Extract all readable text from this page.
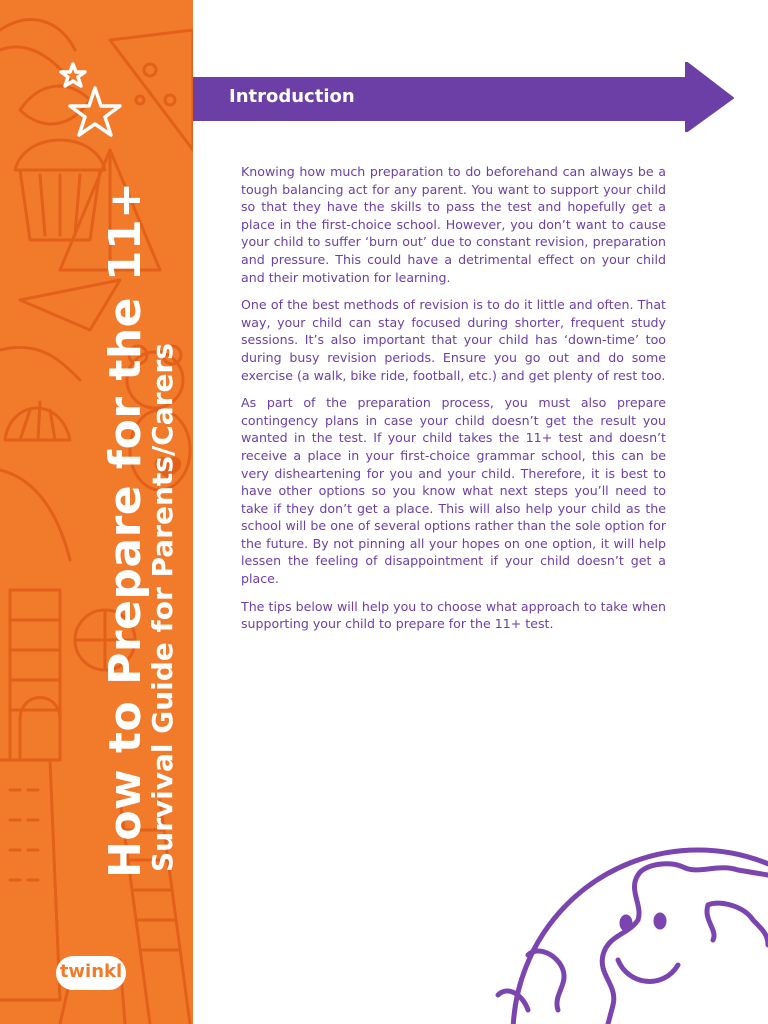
How to Prepare for the 11+
Survival Guide for Parents/Carers
twinkl
Introduction

Knowing how much preparation to do beforehand can always be a tough balancing act for any parent. You want to support your child so that they have the skills to pass the test and hopefully get a place in the first-choice school. However, you don’t want to cause your child to suffer ‘burn out’ due to constant revision, preparation and pressure. This could have a detrimental effect on your child and their motivation for learning.

One of the best methods of revision is to do it little and often. That way, your child can stay focused during shorter, frequent study sessions. It’s also important that your child has ‘down-time’ too during busy revision periods. Ensure you go out and do some exercise (a walk, bike ride, football, etc.) and get plenty of rest too.

As part of the preparation process, you must also prepare contingency plans in case your child doesn’t get the result you wanted in the test. If your child takes the 11+ test and doesn’t receive a place in your first-choice grammar school, this can be very disheartening for you and your child. Therefore, it is best to have other options so you know what next steps you’ll need to take if they don’t get a place. This will also help your child as the school will be one of several options rather than the sole option for the future. By not pinning all your hopes on one option, it will help lessen the feeling of disappointment if your child doesn’t get a place.

The tips below will help you to choose what approach to take when supporting your child to prepare for the 11+ test.
